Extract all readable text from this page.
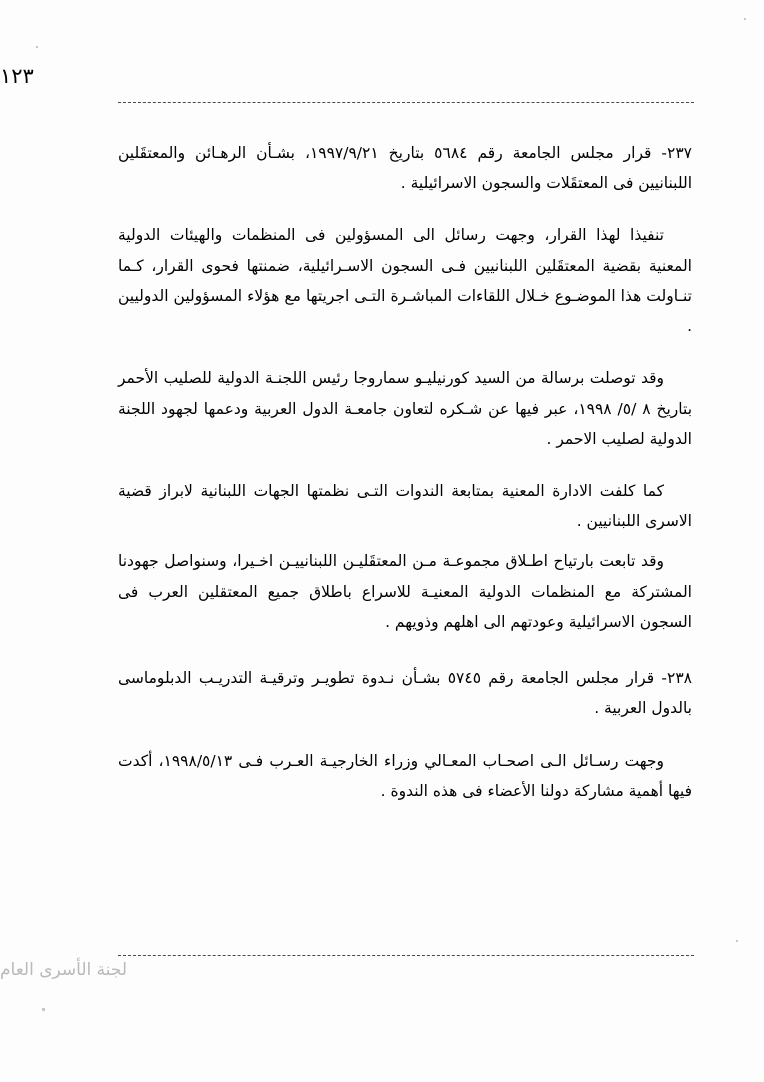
١٢٣

٢٣٧- قرار مجلس الجامعة رقم ٥٦٨٤ بتاريخ ١٩٩٧/٩/٢١، بشـأن الرهـائن والمعتقَلين اللبنانيين فى المعتقَلات والسجون الاسرائيلية .

تنفيذا لهذا القرار، وجهت رسائل الى المسؤولين فى المنظمات والهيئات الدولية المعنية بقضية المعتقَلين اللبنانيين فـى السجون الاسـرائيلية، ضمنتها فحوى القرار، كـما تنـاولت هذا الموضـوع خـلال اللقاءات المباشـرة التـى اجريتها مع هؤلاء المسؤولين الدوليين .

وقد توصلت برسالة من السيد كورنيليـو سماروجا رئيس اللجنـة الدولية للصليب الأحمر بتاريخ ٨ /٥/ ١٩٩٨، عبر فيها عن شـكره لتعاون جامعـة الدول العربية ودعمها لجهود اللجنة الدولية لصليب الاحمر .

كما كلفت الادارة المعنية بمتابعة الندوات التـى نظمتها الجهات اللبنانية لابراز قضية الاسرى اللبنانيين .

وقد تابعت بارتياح اطـلاق مجموعـة مـن المعتقَليـن اللبنانييـن اخـيرا، وسنواصل جهودنا المشتركة مع المنظمات الدولية المعنيـة للاسراع باطلاق جميع المعتقلين العرب فى السجون الاسرائيلية وعودتهم الى اهلهم وذويهم .

٢٣٨- قرار مجلس الجامعة رقم ٥٧٤٥ بشـأن نـدوة تطويـر وترقيـة التدريـب الدبلوماسى بالدول العربية .

وجهت رسـائل الـى اصحـاب المعـالي وزراء الخارجيـة العـرب فـى ١٩٩٨/٥/١٣، أكدت فيها أهمية مشاركة دولنا الأعضاء فى هذه الندوة .

لجنة الأسرى العام
